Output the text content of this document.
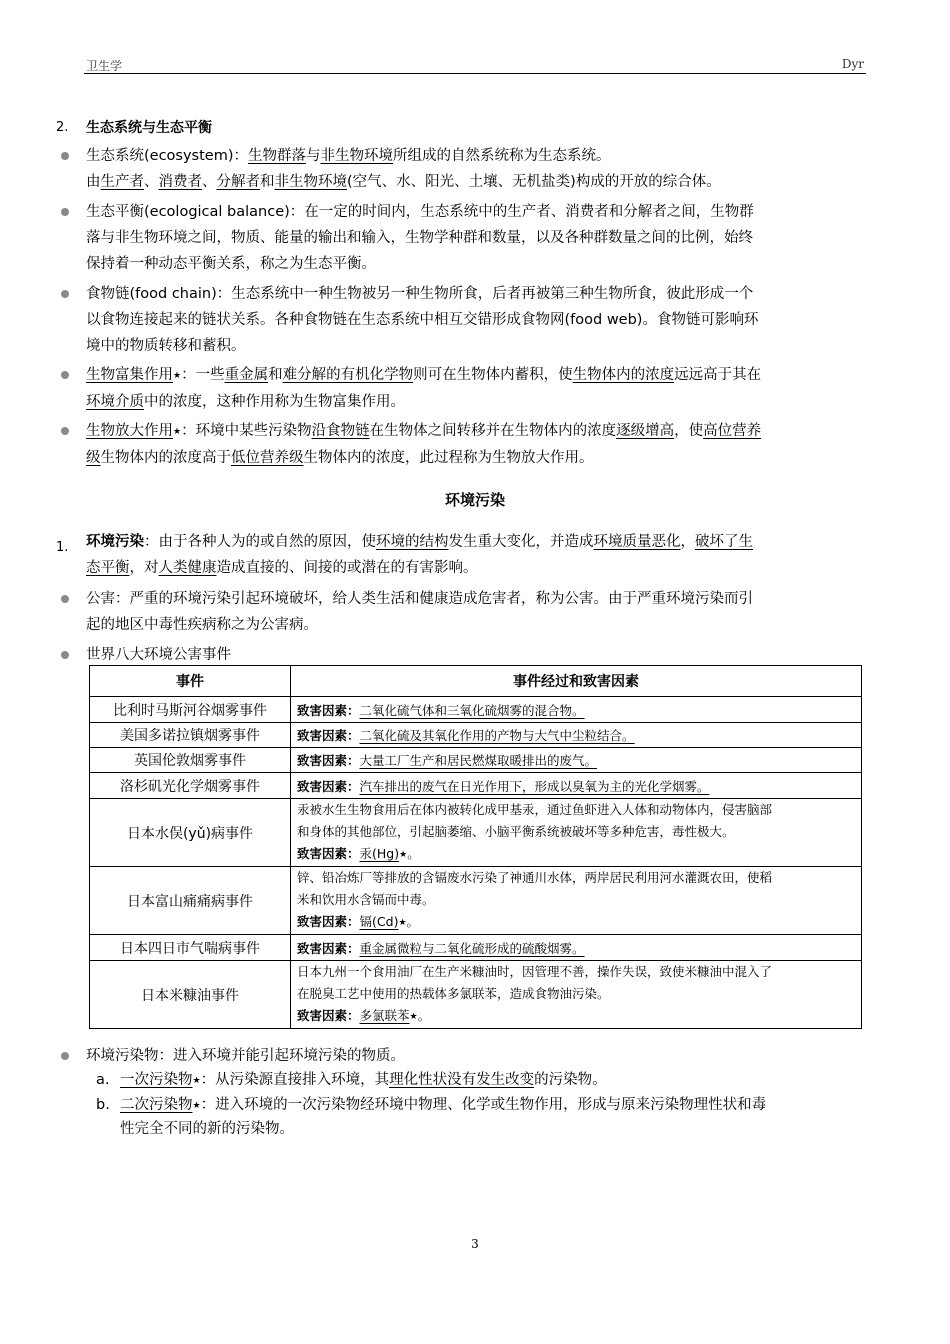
卫生学	Dyr
2. 生态系统与生态平衡
生态系统(ecosystem)：生物群落与非生物环境所组成的自然系统称为生态系统。
由生产者、消费者、分解者和非生物环境(空气、水、阳光、土壤、无机盐类)构成的开放的综合体。
生态平衡(ecological balance)：在一定的时间内，生态系统中的生产者、消费者和分解者之间，生物群
落与非生物环境之间，物质、能量的输出和输入，生物学种群和数量，以及各种群数量之间的比例，始终
保持着一种动态平衡关系，称之为生态平衡。
食物链(food chain)：生态系统中一种生物被另一种生物所食，后者再被第三种生物所食，彼此形成一个
以食物连接起来的链状关系。各种食物链在生态系统中相互交错形成食物网(food web)。食物链可影响环
境中的物质转移和蓄积。
生物富集作用★：一些重金属和难分解的有机化学物则可在生物体内蓄积，使生物体内的浓度远远高于其在
环境介质中的浓度，这种作用称为生物富集作用。
生物放大作用★：环境中某些污染物沿食物链在生物体之间转移并在生物体内的浓度逐级增高，使高位营养
级生物体内的浓度高于低位营养级生物体内的浓度，此过程称为生物放大作用。
环境污染
1. 环境污染：由于各种人为的或自然的原因，使环境的结构发生重大变化，并造成环境质量恶化，破坏了生
态平衡，对人类健康造成直接的、间接的或潜在的有害影响。
公害：严重的环境污染引起环境破坏，给人类生活和健康造成危害者，称为公害。由于严重环境污染而引
起的地区中毒性疾病称之为公害病。
世界八大环境公害事件
事件	事件经过和致害因素
比利时马斯河谷烟雾事件	致害因素：二氧化硫气体和三氧化硫烟雾的混合物。
美国多诺拉镇烟雾事件	致害因素：二氧化硫及其氧化作用的产物与大气中尘粒结合。
英国伦敦烟雾事件	致害因素：大量工厂生产和居民燃煤取暖排出的废气。
洛杉矶光化学烟雾事件	致害因素：汽车排出的废气在日光作用下，形成以臭氧为主的光化学烟雾。
日本水俣(yǔ)病事件	汞被水生生物食用后在体内被转化成甲基汞，通过鱼虾进入人体和动物体内，侵害脑部
和身体的其他部位，引起脑萎缩、小脑平衡系统被破坏等多种危害，毒性极大。
致害因素：汞(Hg)★。

日本富山痛痛病事件	锌、铅冶炼厂等排放的含镉废水污染了神通川水体，两岸居民利用河水灌溉农田，使稻
米和饮用水含镉而中毒。
致害因素：镉(Cd)★。

日本四日市气喘病事件	致害因素：重金属微粒与二氧化硫形成的硫酸烟雾。
日本米糠油事件	日本九州一个食用油厂在生产米糠油时，因管理不善，操作失误，致使米糠油中混入了
在脱臭工艺中使用的热载体多氯联苯，造成食物油污染。
致害因素：多氯联苯★。
环境污染物：进入环境并能引起环境污染的物质。
a. 一次污染物★：从污染源直接排入环境，其理化性状没有发生改变的污染物。
b. 二次污染物★：进入环境的一次污染物经环境中物理、化学或生物作用，形成与原来污染物理性状和毒
性完全不同的新的污染物。
3
